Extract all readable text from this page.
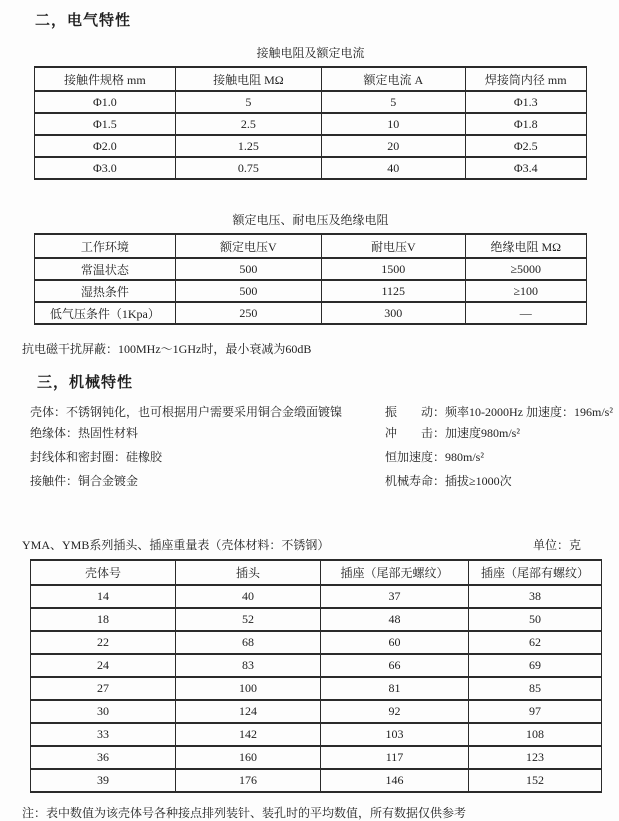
二，电气特性
接触电阻及额定电流
接触件规格 mm	接触电阻 MΩ	额定电流 A	焊接筒内径 mm
Φ1.0	5	5	Φ1.3
Φ1.5	2.5	10	Φ1.8
Φ2.0	1.25	20	Φ2.5
Φ3.0	0.75	40	Φ3.4
额定电压、耐电压及绝缘电阻
工作环境	额定电压V	耐电压V	绝缘电阻 MΩ
常温状态	500	1500	≥5000
湿热条件	500	1125	≥100
低气压条件（1Kpa）	250	300	—
抗电磁干扰屏蔽：100MHz～1GHz时，最小衰减为60dB
三，机械特性
壳体：不锈钢钝化，也可根据用户需要采用铜合金缎面镀镍
绝缘体：热固性材料
封线体和密封圈：硅橡胶
接触件：铜合金镀金
振　　动：频率10-2000Hz 加速度：196m/s²
冲　　击：加速度980m/s²
恒加速度：980m/s²
机械寿命：插拔≥1000次
YMA、YMB系列插头、插座重量表（壳体材料：不锈钢）	单位：克
壳体号	插头	插座（尾部无螺纹）	插座（尾部有螺纹）
14	40	37	38
18	52	48	50
22	68	60	62
24	83	66	69
27	100	81	85
30	124	92	97
33	142	103	108
36	160	117	123
39	176	146	152
注：表中数值为该壳体号各种接点排列装针、装孔时的平均数值，所有数据仅供参考
